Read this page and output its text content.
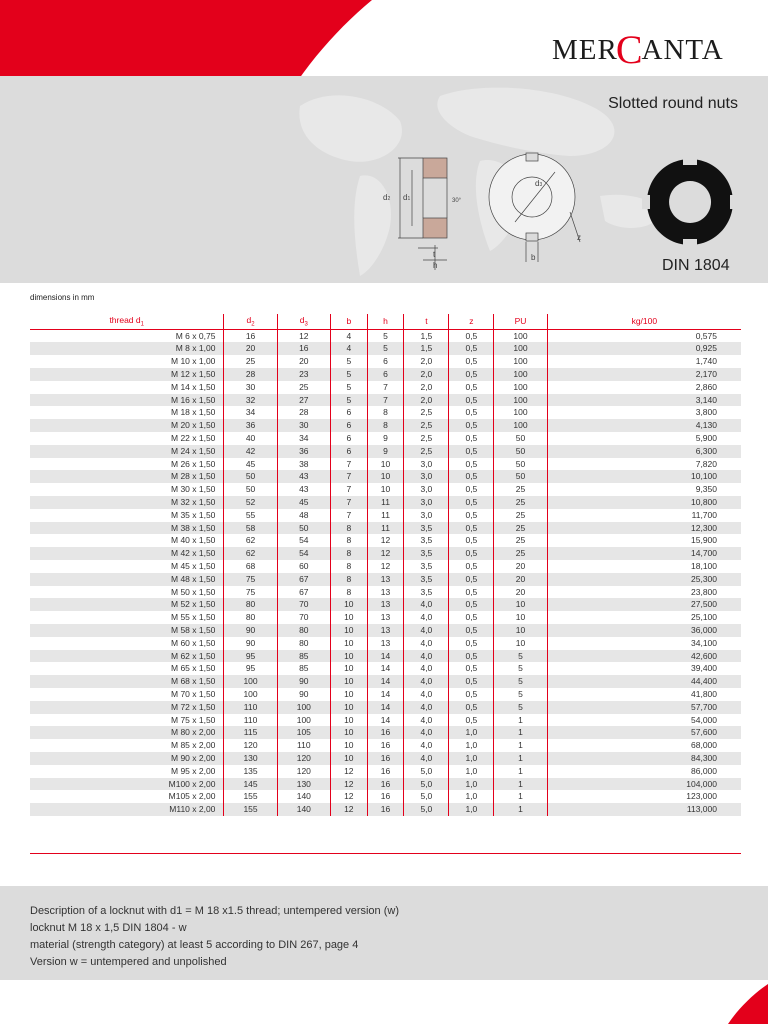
MERCANTA
Slotted round nuts
d2 d1	30°
t
h
d3
b
z
DIN 1804
dimensions in mm
thread $d_1$	$d_2$	$d_3$	b	h	t	z	PU	kg/100
M 6 x 0,75	16	12	4	5	1,5	0,5	100	0,575
M 8 x 1,00	20	16	4	5	1,5	0,5	100	0,925
M 10 x 1,00	25	20	5	6	2,0	0,5	100	1,740
M 12 x 1,50	28	23	5	6	2,0	0,5	100	2,170
M 14 x 1,50	30	25	5	7	2,0	0,5	100	2,860
M 16 x 1,50	32	27	5	7	2,0	0,5	100	3,140
M 18 x 1,50	34	28	6	8	2,5	0,5	100	3,800
M 20 x 1,50	36	30	6	8	2,5	0,5	100	4,130
M 22 x 1,50	40	34	6	9	2,5	0,5	50	5,900
M 24 x 1,50	42	36	6	9	2,5	0,5	50	6,300
M 26 x 1,50	45	38	7	10	3,0	0,5	50	7,820
M 28 x 1,50	50	43	7	10	3,0	0,5	50	10,100
M 30 x 1,50	50	43	7	10	3,0	0,5	25	9,350
M 32 x 1,50	52	45	7	11	3,0	0,5	25	10,800
M 35 x 1,50	55	48	7	11	3,0	0,5	25	11,700
M 38 x 1,50	58	50	8	11	3,5	0,5	25	12,300
M 40 x 1,50	62	54	8	12	3,5	0,5	25	15,900
M 42 x 1,50	62	54	8	12	3,5	0,5	25	14,700
M 45 x 1,50	68	60	8	12	3,5	0,5	20	18,100
M 48 x 1,50	75	67	8	13	3,5	0,5	20	25,300
M 50 x 1,50	75	67	8	13	3,5	0,5	20	23,800
M 52 x 1,50	80	70	10	13	4,0	0,5	10	27,500
M 55 x 1,50	80	70	10	13	4,0	0,5	10	25,100
M 58 x 1,50	90	80	10	13	4,0	0,5	10	36,000
M 60 x 1,50	90	80	10	13	4,0	0,5	10	34,100
M 62 x 1,50	95	85	10	14	4,0	0,5	5	42,600
M 65 x 1,50	95	85	10	14	4,0	0,5	5	39,400
M 68 x 1,50	100	90	10	14	4,0	0,5	5	44,400
M 70 x 1,50	100	90	10	14	4,0	0,5	5	41,800
M 72 x 1,50	110	100	10	14	4,0	0,5	5	57,700
M 75 x 1,50	110	100	10	14	4,0	0,5	1	54,000
M 80 x 2,00	115	105	10	16	4,0	1,0	1	57,600
M 85 x 2,00	120	110	10	16	4,0	1,0	1	68,000
M 90 x 2,00	130	120	10	16	4,0	1,0	1	84,300
M 95 x 2,00	135	120	12	16	5,0	1,0	1	86,000
M100 x 2,00	145	130	12	16	5,0	1,0	1	104,000
M105 x 2,00	155	140	12	16	5,0	1,0	1	123,000
M110 x 2,00	155	140	12	16	5,0	1,0	1	113,000
Description of a locknut with d1 = M 18 x1.5 thread; untempered version (w)
locknut M 18 x 1,5 DIN 1804 - w
material (strength category) at least 5 according to DIN 267, page 4
Version w = untempered and unpolished
